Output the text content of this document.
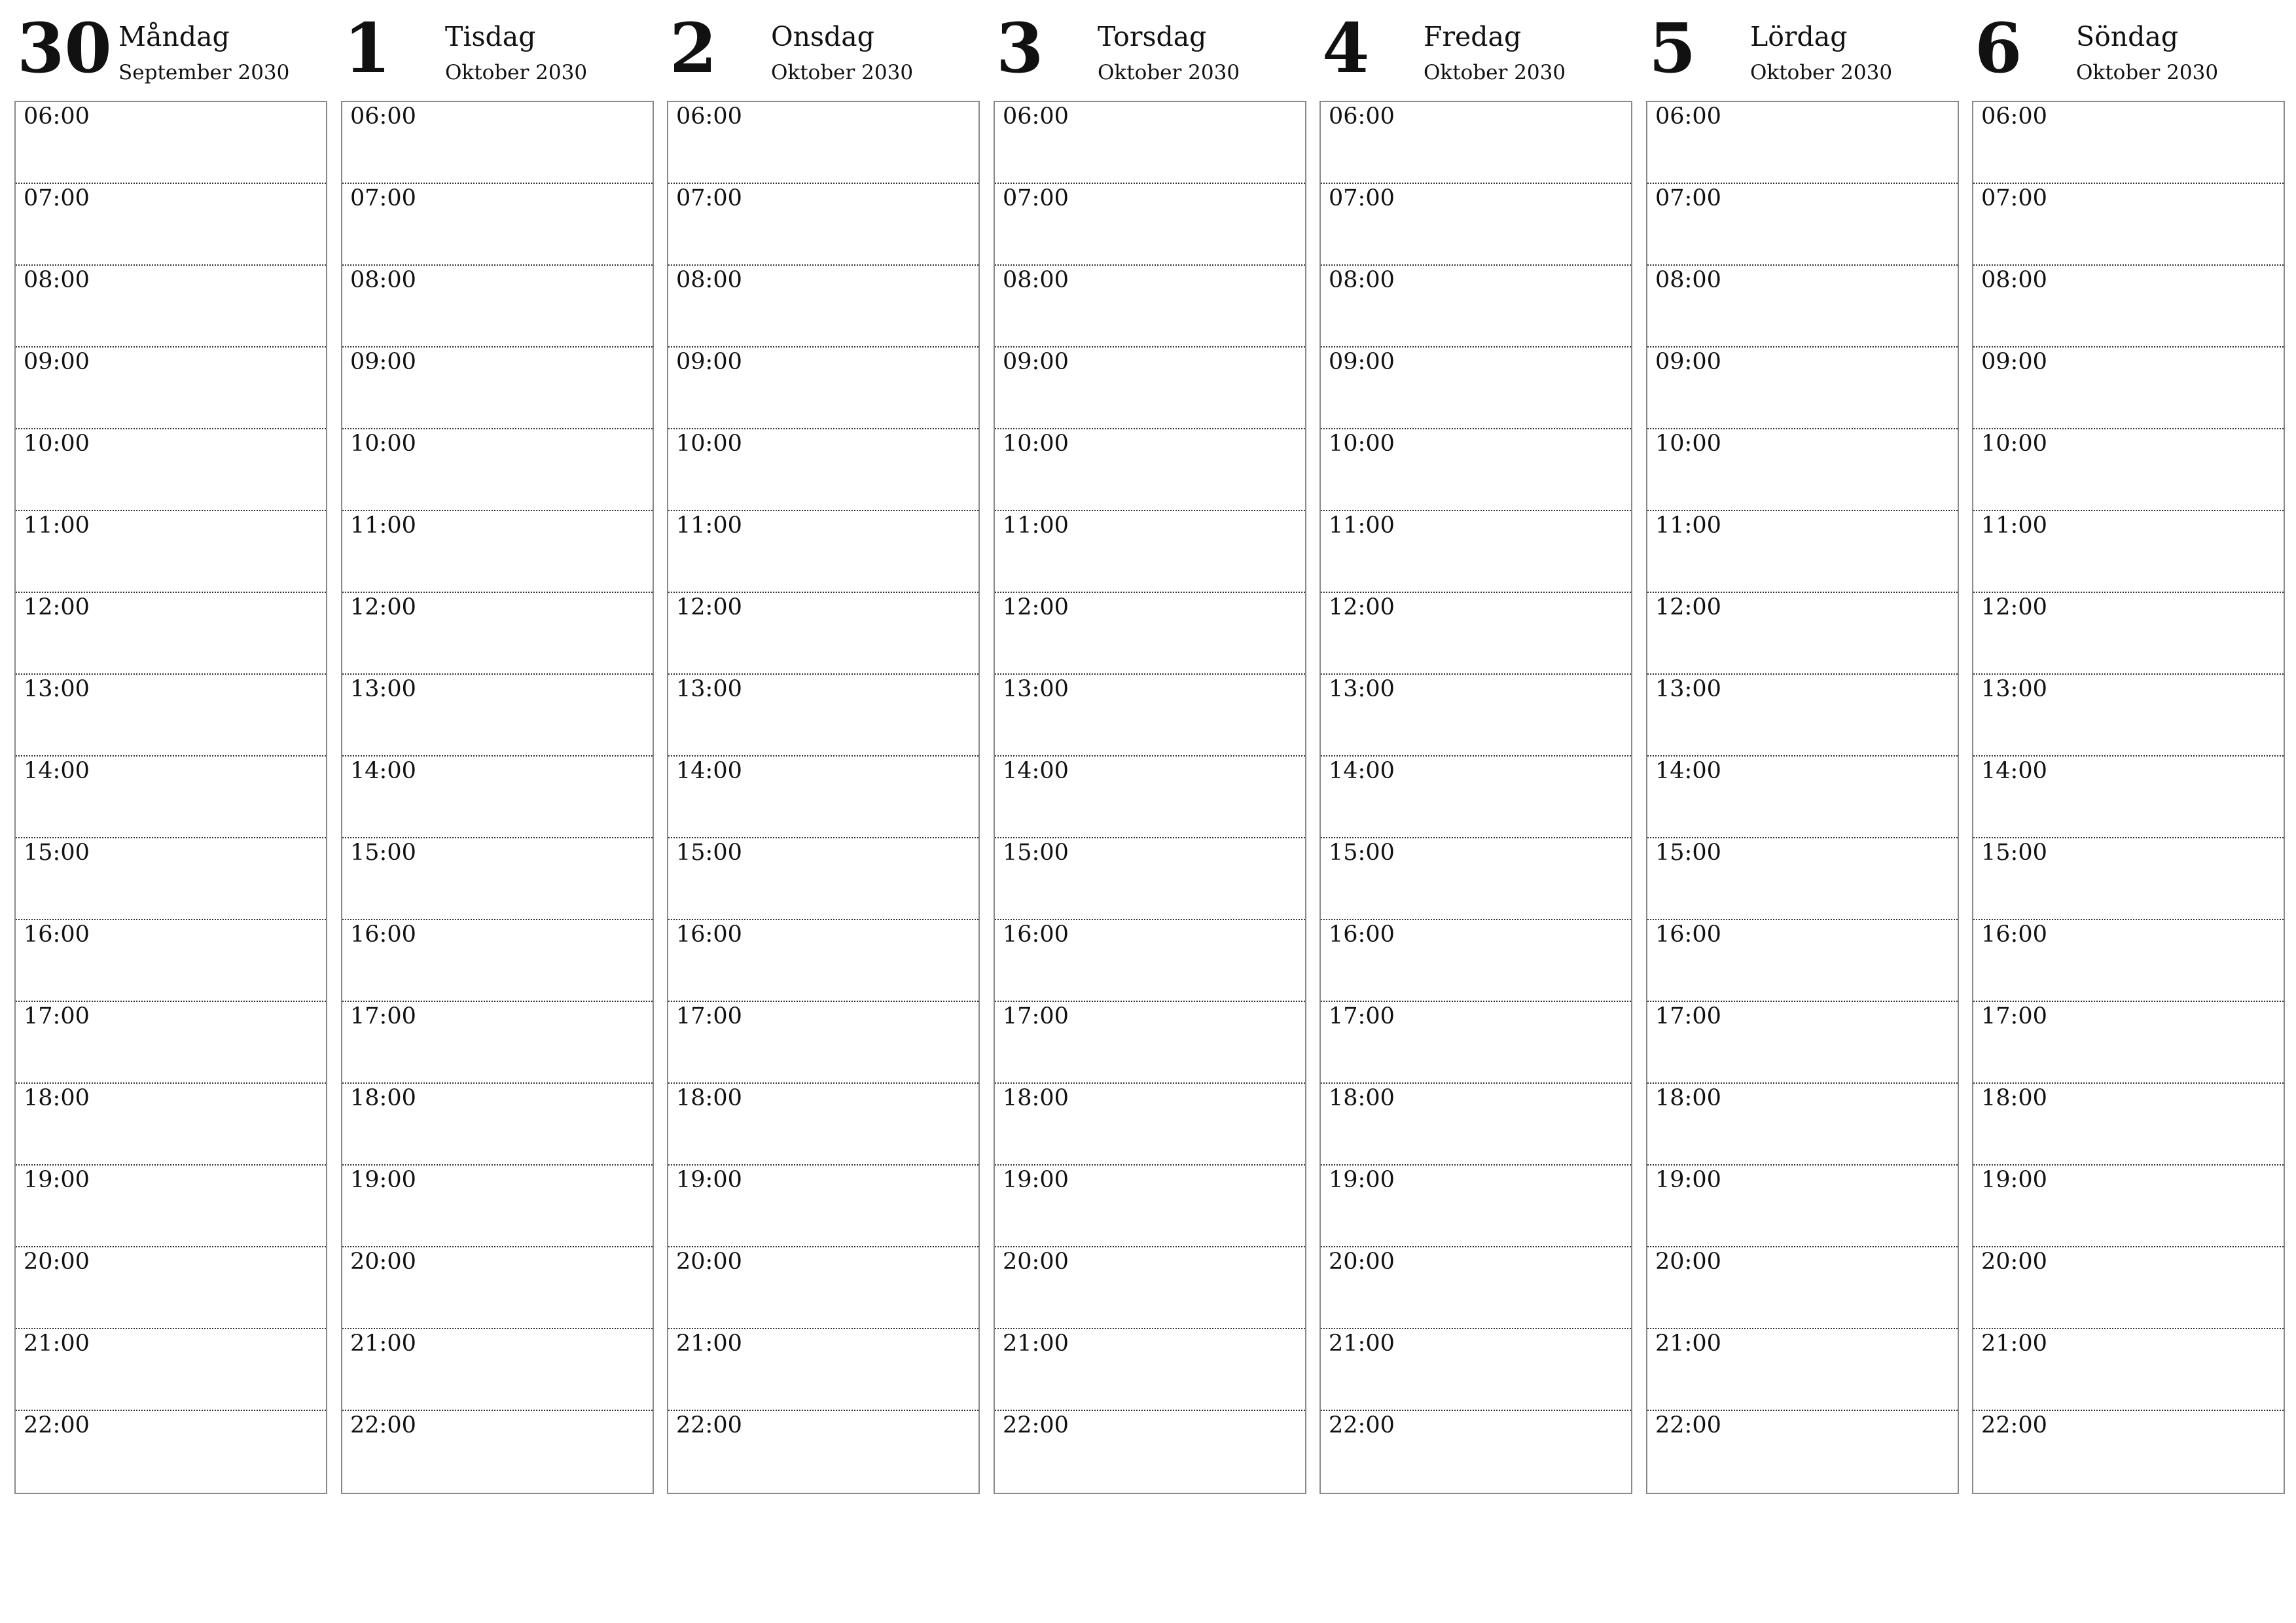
30 Måndag
September 2030
06:00
07:00
08:00
09:00
10:00
11:00
12:00
13:00
14:00
15:00
16:00
17:00
18:00
19:00
20:00
21:00
22:00
1 Tisdag
Oktober 2030
06:00
07:00
08:00
09:00
10:00
11:00
12:00
13:00
14:00
15:00
16:00
17:00
18:00
19:00
20:00
21:00
22:00
2 Onsdag
Oktober 2030
06:00
07:00
08:00
09:00
10:00
11:00
12:00
13:00
14:00
15:00
16:00
17:00
18:00
19:00
20:00
21:00
22:00
3 Torsdag
Oktober 2030
06:00
07:00
08:00
09:00
10:00
11:00
12:00
13:00
14:00
15:00
16:00
17:00
18:00
19:00
20:00
21:00
22:00
4 Fredag
Oktober 2030
06:00
07:00
08:00
09:00
10:00
11:00
12:00
13:00
14:00
15:00
16:00
17:00
18:00
19:00
20:00
21:00
22:00
5 Lördag
Oktober 2030
06:00
07:00
08:00
09:00
10:00
11:00
12:00
13:00
14:00
15:00
16:00
17:00
18:00
19:00
20:00
21:00
22:00
6 Söndag
Oktober 2030
06:00
07:00
08:00
09:00
10:00
11:00
12:00
13:00
14:00
15:00
16:00
17:00
18:00
19:00
20:00
21:00
22:00
